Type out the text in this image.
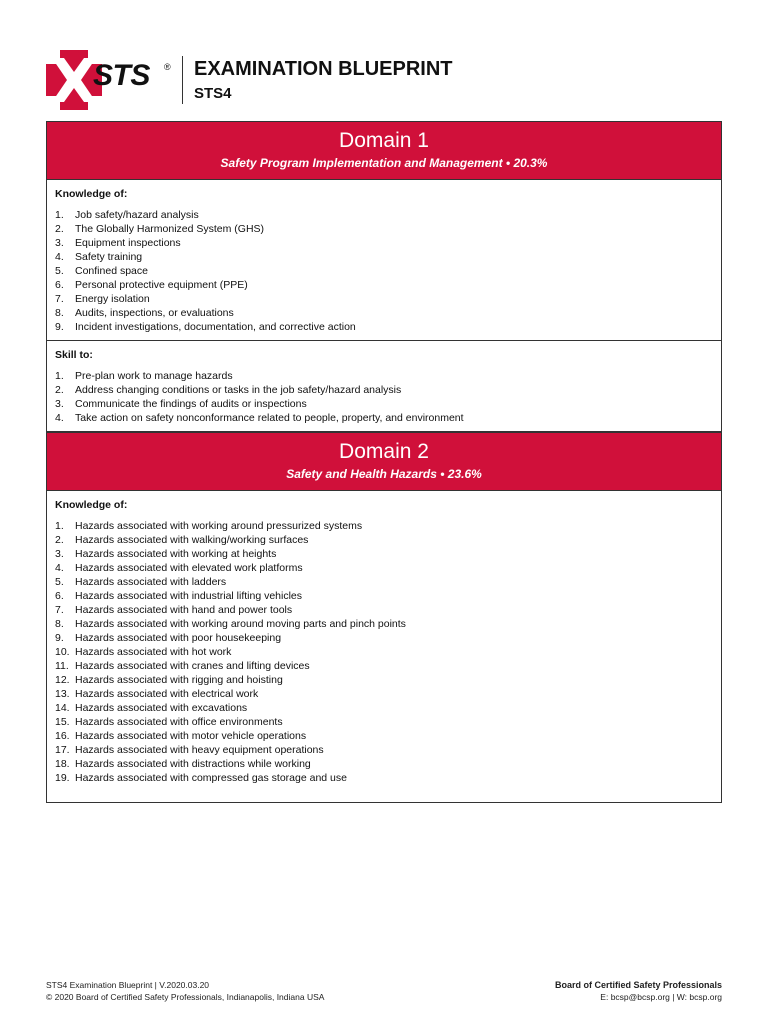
STS ® EXAMINATION BLUEPRINT
STS4
Domain 1
Safety Program Implementation and Management • 20.3%
Knowledge of:
1.	Job safety/hazard analysis
2.	The Globally Harmonized System (GHS)
3.	Equipment inspections
4.	Safety training
5.	Confined space
6.	Personal protective equipment (PPE)
7.	Energy isolation
8.	Audits, inspections, or evaluations
9.	Incident investigations, documentation, and corrective action
Skill to:
1.	Pre-plan work to manage hazards
2.	Address changing conditions or tasks in the job safety/hazard analysis
3.	Communicate the findings of audits or inspections
4.	Take action on safety nonconformance related to people, property, and environment
Domain 2
Safety and Health Hazards • 23.6%
Knowledge of:
1.	Hazards associated with working around pressurized systems
2.	Hazards associated with walking/working surfaces
3.	Hazards associated with working at heights
4.	Hazards associated with elevated work platforms
5.	Hazards associated with ladders
6.	Hazards associated with industrial lifting vehicles
7.	Hazards associated with hand and power tools
8.	Hazards associated with working around moving parts and pinch points
9.	Hazards associated with poor housekeeping
10. Hazards associated with hot work
11. Hazards associated with cranes and lifting devices
12. Hazards associated with rigging and hoisting
13. Hazards associated with electrical work
14. Hazards associated with excavations
15. Hazards associated with office environments
16. Hazards associated with motor vehicle operations
17. Hazards associated with heavy equipment operations
18. Hazards associated with distractions while working
19. Hazards associated with compressed gas storage and use
STS4 Examination Blueprint | V.2020.03.20
© 2020 Board of Certified Safety Professionals, Indianapolis, Indiana USA
Board of Certified Safety Professionals
E: bcsp@bcsp.org | W: bcsp.org
